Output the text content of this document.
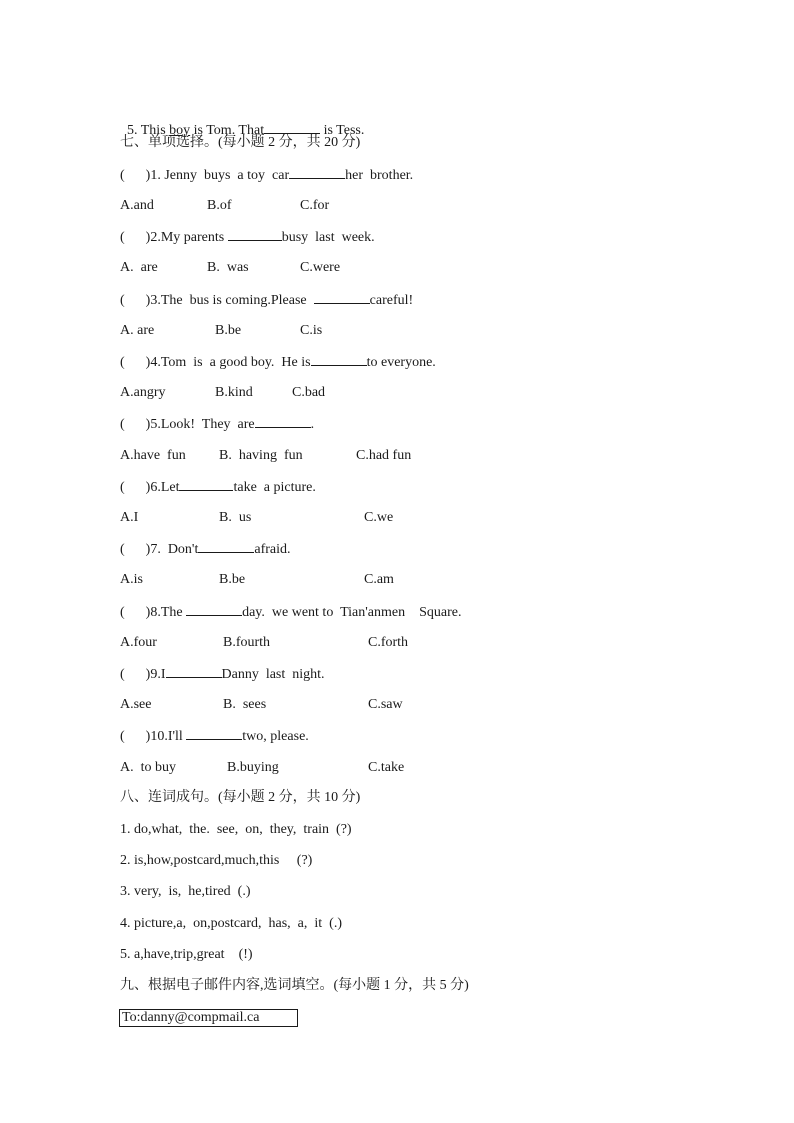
5. This boy is Tom. That	is Tess.

七、单项选择。(每小题 2 分，共 20 分)
(      )1. Jenny  buys  a toy  car	her  brother.
A.and	B.of	C.for
(      )2.My parents	busy  last  week.
A.  are	B.  was	C.were
(      )3.The  bus is coming.Please	careful!
A. are	B.be	C.is
(      )4.Tom  is  a good boy.  He is	to everyone.
A.angry	B.kind	C.bad
(      )5.Look!  They  are	.
A.have  fun B.  having  fun	C.had fun
(      )6.Let	take  a picture.
A.I	B.  us	C.we
(      )7.  Don't	afraid.
A.is	B.be	C.am
(      )8.The	day.  we went to  Tian'anmen    Square.
A.four	B.fourth	C.forth
(      )9.I	Danny  last  night.
A.see	B.  sees	C.saw
(      )10.I'll	two, please.
A.  to buy	B.buying	C.take
八、连词成句。(每小题 2 分，共 10 分)
1. do,what,  the.  see,  on,  they,  train  (?)
2. is,how,postcard,much,this     (?)
3. very,  is,  he,tired  (.)
4. picture,a,  on,postcard,  has,  a,  it  (.)
5. a,have,trip,great    (!)
九、根据电子邮件内容,选词填空。(每小题 1 分，共 5 分)
To:danny@compmail.ca
